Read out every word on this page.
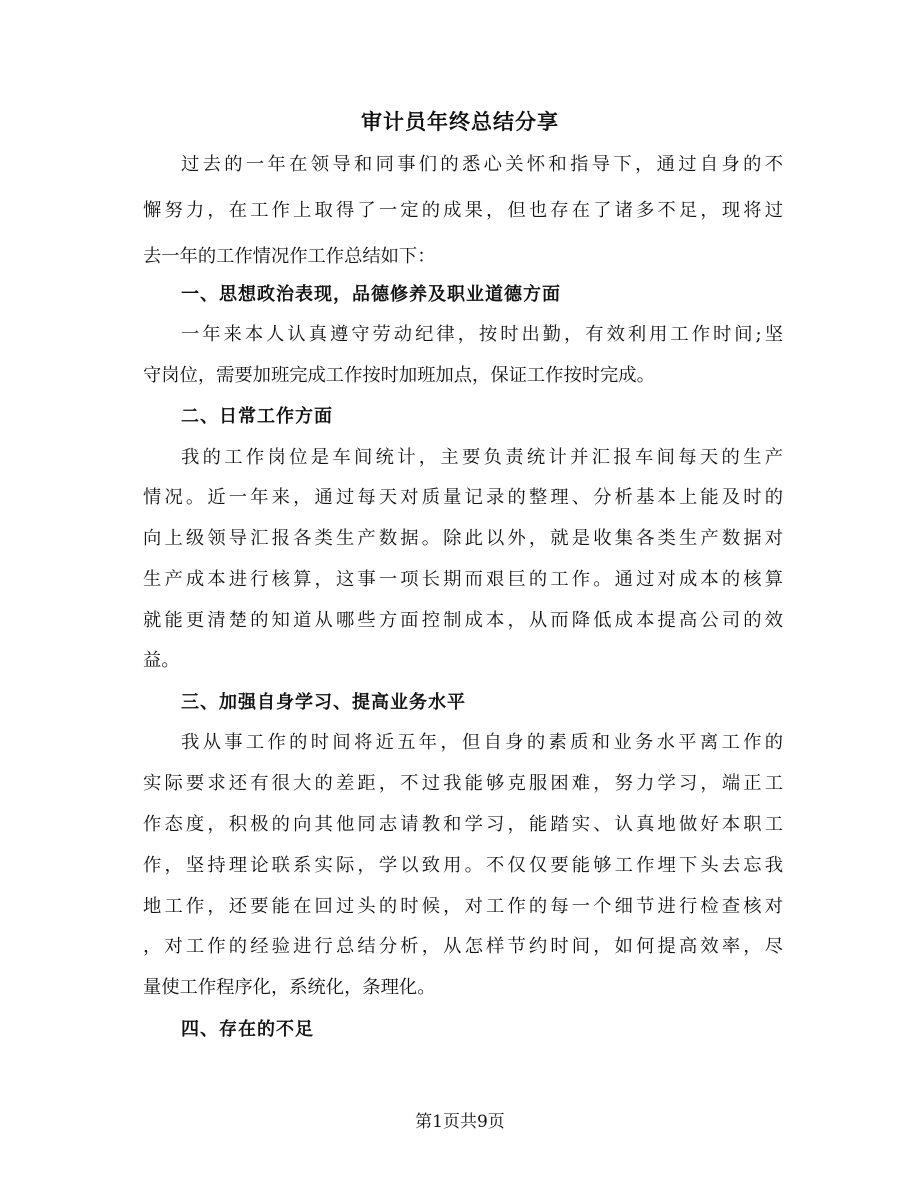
审计员年终总结分享
过去的一年在领导和同事们的悉心关怀和指导下，通过自身的不
懈努力，在工作上取得了一定的成果，但也存在了诸多不足，现将过
去一年的工作情况作工作总结如下：
一、思想政治表现，品德修养及职业道德方面
一年来本人认真遵守劳动纪律，按时出勤，有效利用工作时间;坚
守岗位，需要加班完成工作按时加班加点，保证工作按时完成。
二、日常工作方面
我的工作岗位是车间统计，主要负责统计并汇报车间每天的生产
情况。近一年来，通过每天对质量记录的整理、分析基本上能及时的
向上级领导汇报各类生产数据。除此以外，就是收集各类生产数据对
生产成本进行核算，这事一项长期而艰巨的工作。通过对成本的核算
就能更清楚的知道从哪些方面控制成本，从而降低成本提高公司的效
益。
三、加强自身学习、提高业务水平
我从事工作的时间将近五年，但自身的素质和业务水平离工作的
实际要求还有很大的差距，不过我能够克服困难，努力学习，端正工
作态度，积极的向其他同志请教和学习，能踏实、认真地做好本职工
作，坚持理论联系实际，学以致用。不仅仅要能够工作埋下头去忘我
地工作，还要能在回过头的时候，对工作的每一个细节进行检查核对
，对工作的经验进行总结分析，从怎样节约时间，如何提高效率，尽
量使工作程序化，系统化，条理化。
四、存在的不足
第1页共9页
